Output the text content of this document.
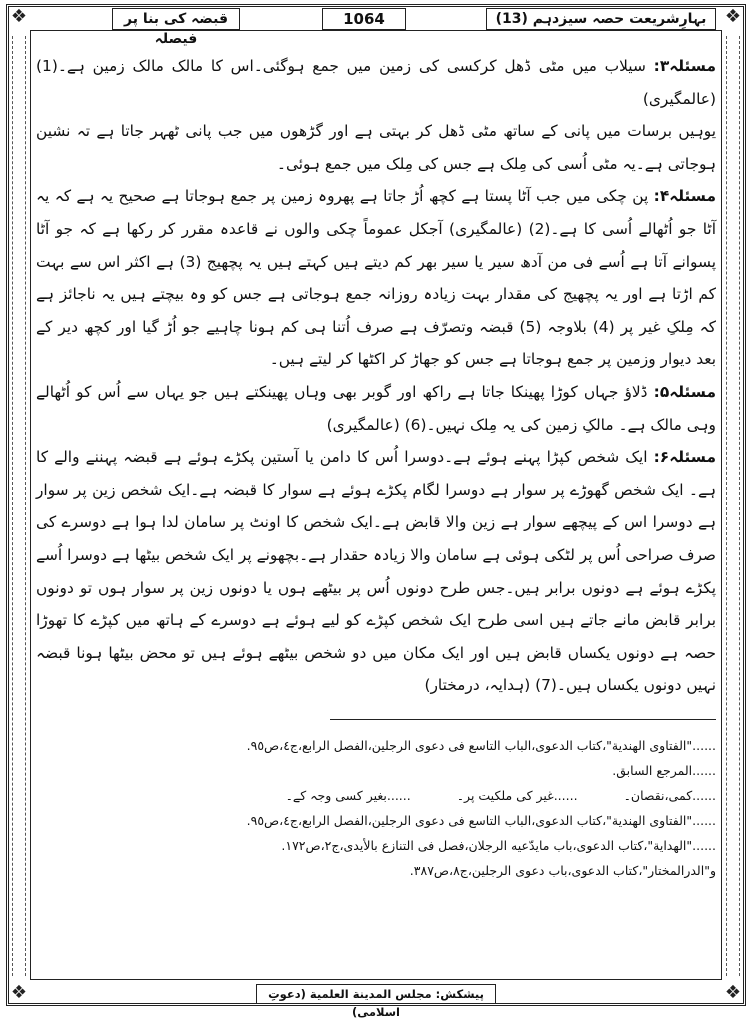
❖	❖
❖	❖
قبضہ کی بنا پر فیصلہ
1064	بہارِشریعت حصہ سیزدہم (13)

مسئلہ۳: سیلاب میں مٹی ڈھل کرکسی کی زمین میں جمع ہوگئی۔اس کا مالک مالک زمین ہے۔(1) (عالمگیری)

یوہیں برسات میں پانی کے ساتھ مٹی ڈھل کر بہتی ہے اور گڑھوں میں جب پانی ٹھہر جاتا ہے تہ نشین ہوجاتی ہے۔یہ مٹی اُسی کی مِلک ہے جس کی مِلک میں جمع ہوئی۔

مسئلہ۴: پن چکی میں جب آٹا پستا ہے کچھ اُڑ جاتا ہے پھروہ زمین پر جمع ہوجاتا ہے صحیح یہ ہے کہ یہ آٹا جو اُٹھالے اُسی کا ہے۔(2) (عالمگیری) آجکل عموماً چکی والوں نے قاعدہ مقرر کر رکھا ہے کہ جو آٹا پسوانے آتا ہے اُسے فی من آدھ سیر یا سیر بھر کم دیتے ہیں کہتے ہیں یہ پچھیج (3) ہے اکثر اس سے بہت کم اڑتا ہے اور یہ پچھیج کی مقدار بہت زیادہ روزانہ جمع ہوجاتی ہے جس کو وہ بیچتے ہیں یہ ناجائز ہے کہ مِلکِ غیر پر (4) بلاوجہ (5) قبضہ وتصرّف ہے صرف اُتنا ہی کم ہونا چاہیے جو اُڑ گیا اور کچھ دیر کے بعد دیوار وزمین پر جمع ہوجاتا ہے جس کو جھاڑ کر اکٹھا کر لیتے ہیں۔

مسئلہ۵: ڈلاؤ جہاں کوڑا پھینکا جاتا ہے راکھ اور گوبر بھی وہاں پھینکتے ہیں جو یہاں سے اُس کو اُٹھالے وہی مالک ہے۔ مالکِ زمین کی یہ مِلک نہیں۔(6) (عالمگیری)

مسئلہ۶: ایک شخص کپڑا پہنے ہوئے ہے۔دوسرا اُس کا دامن یا آستین پکڑے ہوئے ہے قبضہ پہننے والے کا ہے۔ ایک شخص گھوڑے پر سوار ہے دوسرا لگام پکڑے ہوئے ہے سوار کا قبضہ ہے۔ایک شخص زین پر سوار ہے دوسرا اس کے پیچھے سوار ہے زین والا قابض ہے۔ایک شخص کا اونٹ پر سامان لدا ہوا ہے دوسرے کی صرف صراحی اُس پر لٹکی ہوئی ہے سامان والا زیادہ حقدار ہے۔بچھونے پر ایک شخص بیٹھا ہے دوسرا اُسے پکڑے ہوئے ہے دونوں برابر ہیں۔جس طرح دونوں اُس پر بیٹھے ہوں یا دونوں زین پر سوار ہوں تو دونوں برابر قابض مانے جاتے ہیں اسی طرح ایک شخص کپڑے کو لیے ہوئے ہے دوسرے کے ہاتھ میں کپڑے کا تھوڑا حصہ ہے دونوں یکساں قابض ہیں اور ایک مکان میں دو شخص بیٹھے ہوئے ہیں تو محض بیٹھا ہونا قبضہ نہیں دونوں یکساں ہیں۔(7) (ہدایہ، درمختار)

......"الفتاوی الهندية"،کتاب الدعوی،الباب التاسع فی دعوی الرجلين،الفصل الرابع،ج٤،ص٩٥.
......المرجع السابق.
......کمی،نقصان۔
......غیر کی ملکیت پر۔
......بغیر کسی وجہ کے۔
......"الفتاوی الهندية"،کتاب الدعوی،الباب التاسع فی دعوی الرجلين،الفصل الرابع،ج٤،ص٩٥.
......"الهداية"،کتاب الدعوی،باب مايدّعيه الرجلان،فصل فی التنازع بالأيدی،ج٢،ص١٧٢.
و"الدرالمختار"،کتاب الدعوی،باب دعوی الرجلين،ج٨،ص٣٨٧.
پیشکش: مجلس المدينة العلمية (دعوتِ اسلامی)
